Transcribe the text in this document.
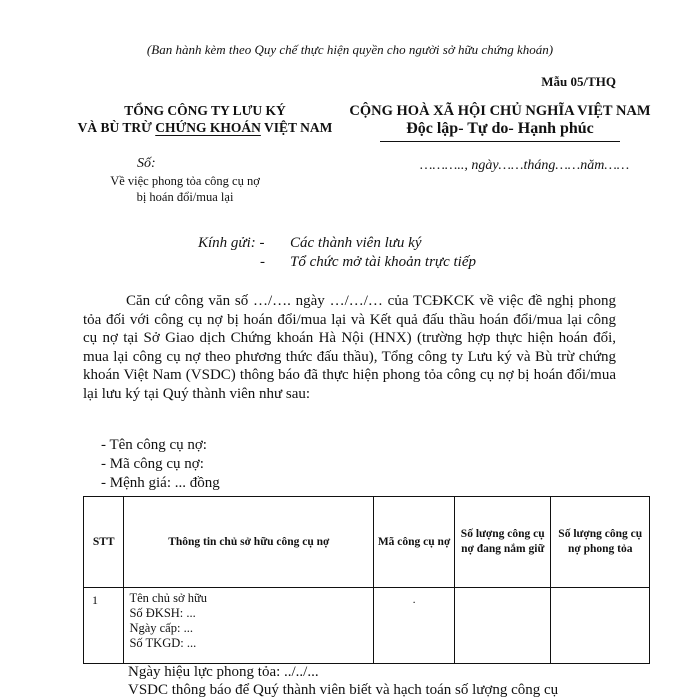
(Ban hành kèm theo Quy chế thực hiện quyền cho người sở hữu chứng khoán)
Mẫu 05/THQ
TỔNG CÔNG TY LƯU KÝ
VÀ BÙ TRỪ CHỨNG KHOÁN VIỆT NAM
CỘNG HOÀ XÃ HỘI CHỦ NGHĨA VIỆT NAM
Độc lập- Tự do- Hạnh phúc
Số:	……….., ngày……tháng……năm……
Về việc phong tỏa công cụ nợ
bị hoán đổi/mua lại
Kính gửi: - Các thành viên lưu ký
- Tổ chức mở tài khoản trực tiếp
Căn cứ công văn số …/…. ngày …/…/… của TCĐKCK về việc đề nghị phong tỏa đối với công cụ nợ bị hoán đổi/mua lại và Kết quả đấu thầu hoán đổi/mua lại công cụ nợ tại Sở Giao dịch Chứng khoán Hà Nội (HNX) (trường hợp thực hiện hoán đổi, mua lại công cụ nợ theo phương thức đấu thầu), Tổng công ty Lưu ký và Bù trừ chứng khoán Việt Nam (VSDC) thông báo đã thực hiện phong tỏa công cụ nợ bị hoán đổi/mua lại lưu ký tại Quý thành viên như sau:
- Tên công cụ nợ:
- Mã công cụ nợ:
- Mệnh giá: ... đồng
STT	Thông tin chủ sở hữu công cụ nợ	Mã công cụ nợ	Số lượng công cụ nợ đang nắm giữ	Số lượng công cụ nợ phong tỏa
1	Tên chủ sở hữu
Số ĐKSH: ...
Ngày cấp: ...
Số TKGD: ...	.		
Ngày hiệu lực phong tỏa: ../../...
VSDC thông báo để Quý thành viên biết và hạch toán số lượng công cụ
